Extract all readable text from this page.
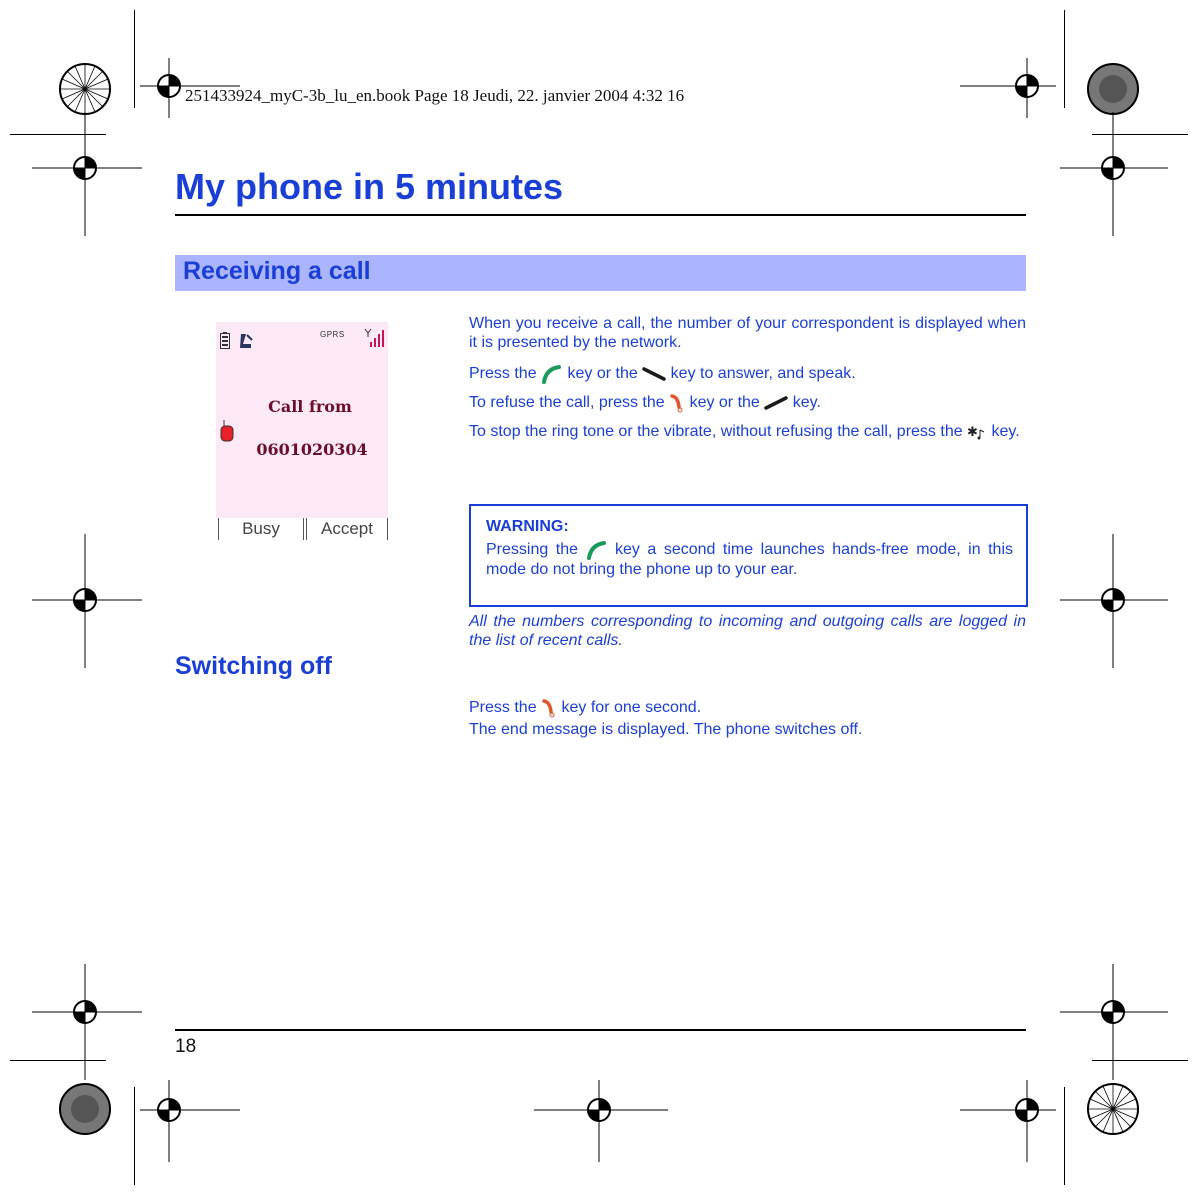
251433924_myC-3b_lu_en.book Page 18 Jeudi, 22. janvier 2004 4:32 16
My phone in 5 minutes
Receiving a call
GPRS
Call from
0601020304
Busy	Accept
When you receive a call, the number of your correspondent is displayed when it is presented by the network.
Press the key or the key to answer, and speak.
To refuse the call, press the key or the key.
To stop the ring tone or the vibrate, without refusing the call, press the ✱ key.
WARNING:
Pressing the key a second time launches hands-free mode, in this mode do not bring the phone up to your ear.
All the numbers corresponding to incoming and outgoing calls are logged in the list of recent calls.
Switching off
Press the key for one second.
The end message is displayed. The phone switches off.
18
